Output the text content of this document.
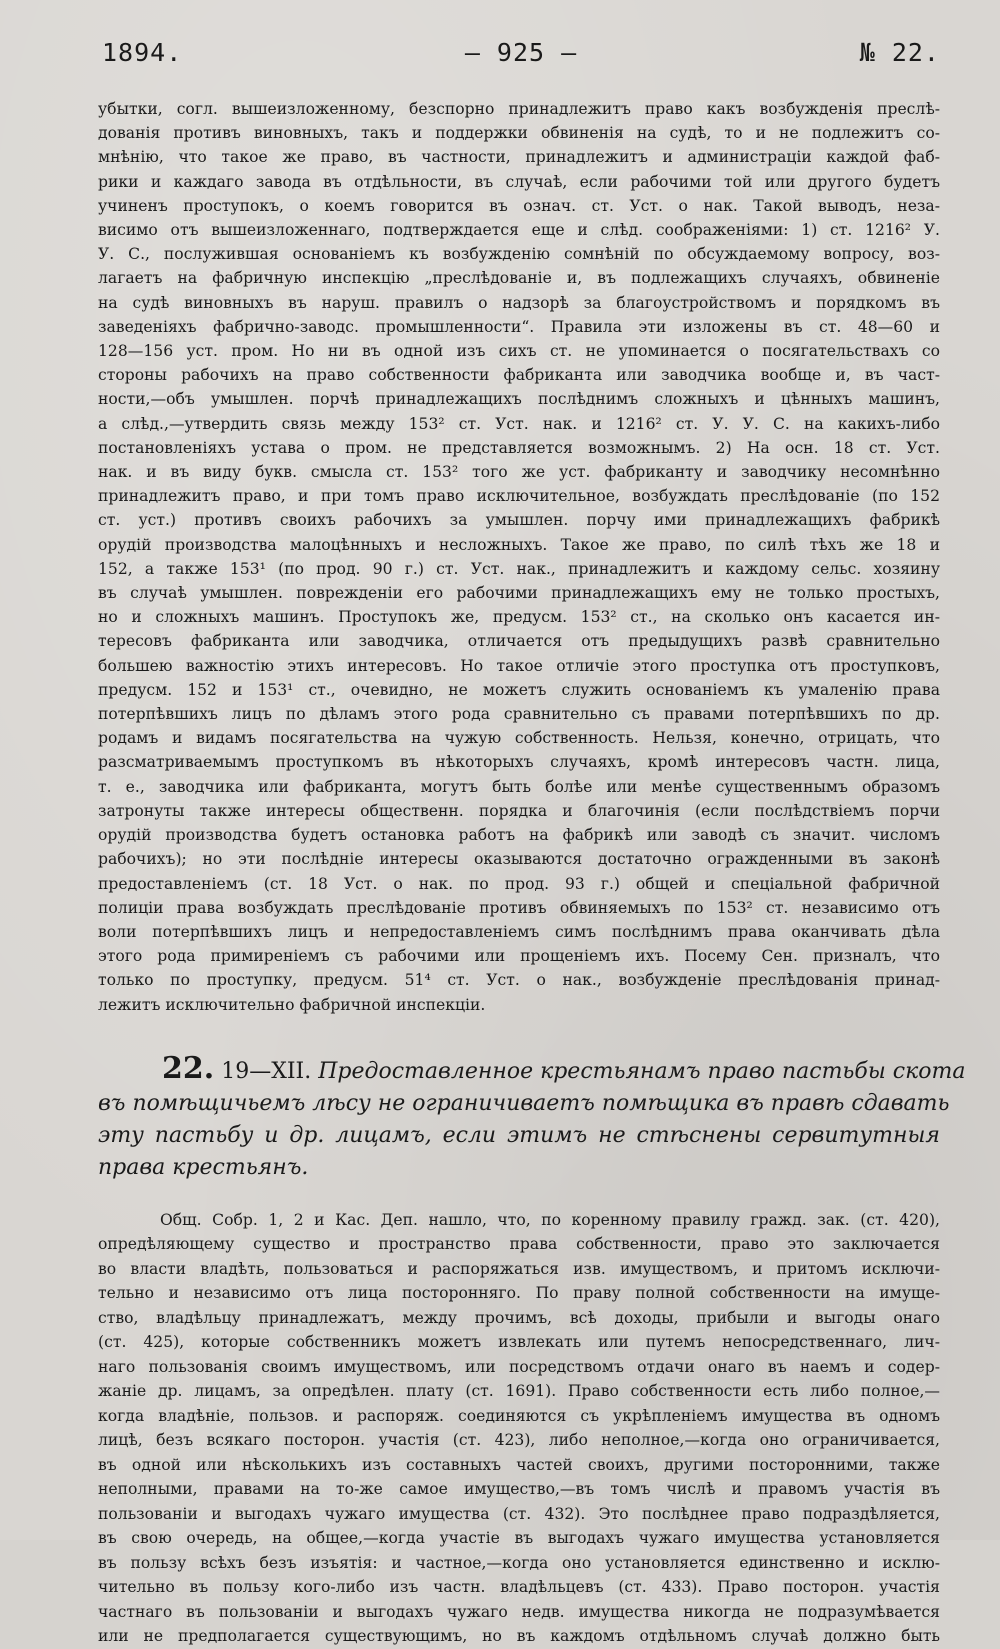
1894.	— 925 —	№ 22.
убытки, согл. вышеизложенному, безспорно принадлежитъ право какъ возбужденія преслѣ-
дованія противъ виновныхъ, такъ и поддержки обвиненія на судѣ, то и не подлежитъ со-
мнѣнію, что такое же право, въ частности, принадлежитъ и администраціи каждой фаб-
рики и каждаго завода въ отдѣльности, въ случаѣ, если рабочими той или другого будетъ
учиненъ проступокъ, о коемъ говорится въ означ. ст. Уст. о нак. Такой выводъ, неза-
висимо отъ вышеизложеннаго, подтверждается еще и слѣд. соображеніями: 1) ст. 1216² У.
У. С., послужившая основаніемъ къ возбужденію сомнѣній по обсуждаемому вопросу, воз-
лагаетъ на фабричную инспекцію „преслѣдованіе и, въ подлежащихъ случаяхъ, обвиненіе
на судѣ виновныхъ въ наруш. правилъ о надзорѣ за благоустройствомъ и порядкомъ въ
заведеніяхъ фабрично-заводс. промышленности“. Правила эти изложены въ ст. 48—60 и
128—156 уст. пром. Но ни въ одной изъ сихъ ст. не упоминается о посягательствахъ со
стороны рабочихъ на право собственности фабриканта или заводчика вообще и, въ част-
ности,—объ умышлен. порчѣ принадлежащихъ послѣднимъ сложныхъ и цѣнныхъ машинъ,
а слѣд.,—утвердить связь между 153² ст. Уст. нак. и 1216² ст. У. У. С. на какихъ-либо
постановленіяхъ устава о пром. не представляется возможнымъ. 2) На осн. 18 ст. Уст.
нак. и въ виду букв. смысла ст. 153² того же уст. фабриканту и заводчику несомнѣнно
принадлежитъ право, и при томъ право исключительное, возбуждать преслѣдованіе (по 152
ст. уст.) противъ своихъ рабочихъ за умышлен. порчу ими принадлежащихъ фабрикѣ
орудій производства малоцѣнныхъ и несложныхъ. Такое же право, по силѣ тѣхъ же 18 и
152, а также 153¹ (по прод. 90 г.) ст. Уст. нак., принадлежитъ и каждому сельс. хозяину
въ случаѣ умышлен. поврежденіи его рабочими принадлежащихъ ему не только простыхъ,
но и сложныхъ машинъ. Проступокъ же, предусм. 153² ст., на сколько онъ касается ин-
тересовъ фабриканта или заводчика, отличается отъ предыдущихъ развѣ сравнительно
большею важностію этихъ интересовъ. Но такое отличіе этого проступка отъ проступковъ,
предусм. 152 и 153¹ ст., очевидно, не можетъ служить основаніемъ къ умаленію права
потерпѣвшихъ лицъ по дѣламъ этого рода сравнительно съ правами потерпѣвшихъ по др.
родамъ и видамъ посягательства на чужую собственность. Нельзя, конечно, отрицать, что
разсматриваемымъ проступкомъ въ нѣкоторыхъ случаяхъ, кромѣ интересовъ частн. лица,
т. е., заводчика или фабриканта, могутъ быть болѣе или менѣе существеннымъ образомъ
затронуты также интересы общественн. порядка и благочинія (если послѣдствіемъ порчи
орудій производства будетъ остановка работъ на фабрикѣ или заводѣ съ значит. числомъ
рабочихъ); но эти послѣдніе интересы оказываются достаточно огражденными въ законѣ
предоставленіемъ (ст. 18 Уст. о нак. по прод. 93 г.) общей и спеціальной фабричной
полиціи права возбуждать преслѣдованіе противъ обвиняемыхъ по 153² ст. независимо отъ
воли потерпѣвшихъ лицъ и непредоставленіемъ симъ послѣднимъ права оканчивать дѣла
этого рода примиреніемъ съ рабочими или прощеніемъ ихъ. Посему Сен. призналъ, что
только по проступку, предусм. 51⁴ ст. Уст. о нак., возбужденіе преслѣдованія принад-
лежитъ исключительно фабричной инспекціи.
22. 19—XII. Предоставленное крестьянамъ право пастьбы скота
въ помѣщичьемъ лѣсу не ограничиваетъ помѣщика въ правѣ сдавать
эту пастьбу и др. лицамъ, если этимъ не стѣснены сервитутныя
права крестьянъ.
Общ. Собр. 1, 2 и Кас. Деп. нашло, что, по коренному правилу гражд. зак. (ст. 420),
опредѣляющему существо и пространство права собственности, право это заключается
во власти владѣть, пользоваться и распоряжаться изв. имуществомъ, и притомъ исключи-
тельно и независимо отъ лица посторонняго. По праву полной собственности на имуще-
ство, владѣльцу принадлежатъ, между прочимъ, всѣ доходы, прибыли и выгоды онаго
(ст. 425), которые собственникъ можетъ извлекать или путемъ непосредственнаго, лич-
наго пользованія своимъ имуществомъ, или посредствомъ отдачи онаго въ наемъ и содер-
жаніе др. лицамъ, за опредѣлен. плату (ст. 1691). Право собственности есть либо полное,—
когда владѣніе, пользов. и распоряж. соединяются съ укрѣпленіемъ имущества въ одномъ
лицѣ, безъ всякаго посторон. участія (ст. 423), либо неполное,—когда оно ограничивается,
въ одной или нѣсколькихъ изъ составныхъ частей своихъ, другими посторонними, также
неполными, правами на то-же самое имущество,—въ томъ числѣ и правомъ участія въ
пользованіи и выгодахъ чужаго имущества (ст. 432). Это послѣднее право подраздѣляется,
въ свою очередь, на общее,—когда участіе въ выгодахъ чужаго имущества установляется
въ пользу всѣхъ безъ изъятія: и частное,—когда оно установляется единственно и исклю-
чительно въ пользу кого-либо изъ частн. владѣльцевъ (ст. 433). Право посторон. участія
частнаго въ пользованіи и выгодахъ чужаго недв. имущества никогда не подразумѣвается
или не предполагается существующимъ, но въ каждомъ отдѣльномъ случаѣ должно быть
